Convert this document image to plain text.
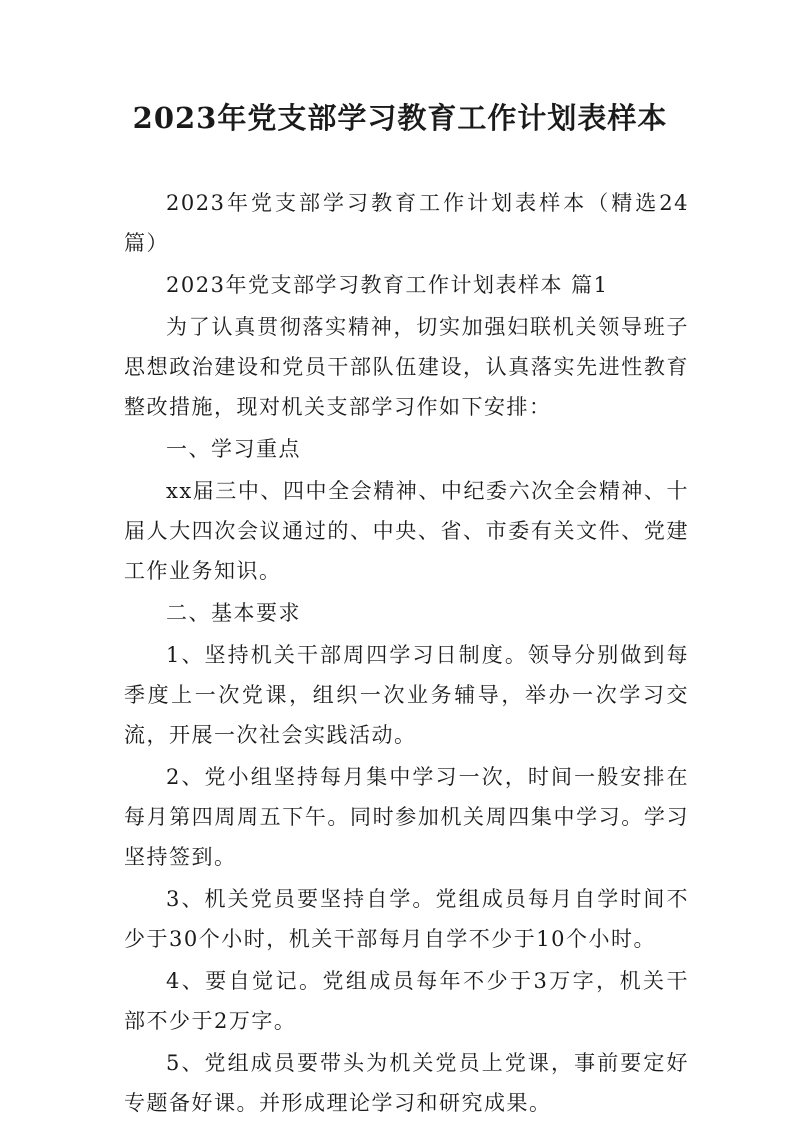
2023年党支部学习教育工作计划表样本

2023年党支部学习教育工作计划表样本（精选24篇）

2023年党支部学习教育工作计划表样本 篇1

为了认真贯彻落实精神，切实加强妇联机关领导班子思想政治建设和党员干部队伍建设，认真落实先进性教育整改措施，现对机关支部学习作如下安排：

一、学习重点

xx届三中、四中全会精神、中纪委六次全会精神、十届人大四次会议通过的、中央、省、市委有关文件、党建工作业务知识。

二、基本要求

1、坚持机关干部周四学习日制度。领导分别做到每季度上一次党课，组织一次业务辅导，举办一次学习交流，开展一次社会实践活动。

2、党小组坚持每月集中学习一次，时间一般安排在每月第四周周五下午。同时参加机关周四集中学习。学习坚持签到。

3、机关党员要坚持自学。党组成员每月自学时间不少于30个小时，机关干部每月自学不少于10个小时。

4、要自觉记。党组成员每年不少于3万字，机关干部不少于2万字。

5、党组成员要带头为机关党员上党课，事前要定好专题备好课。并形成理论学习和研究成果。
